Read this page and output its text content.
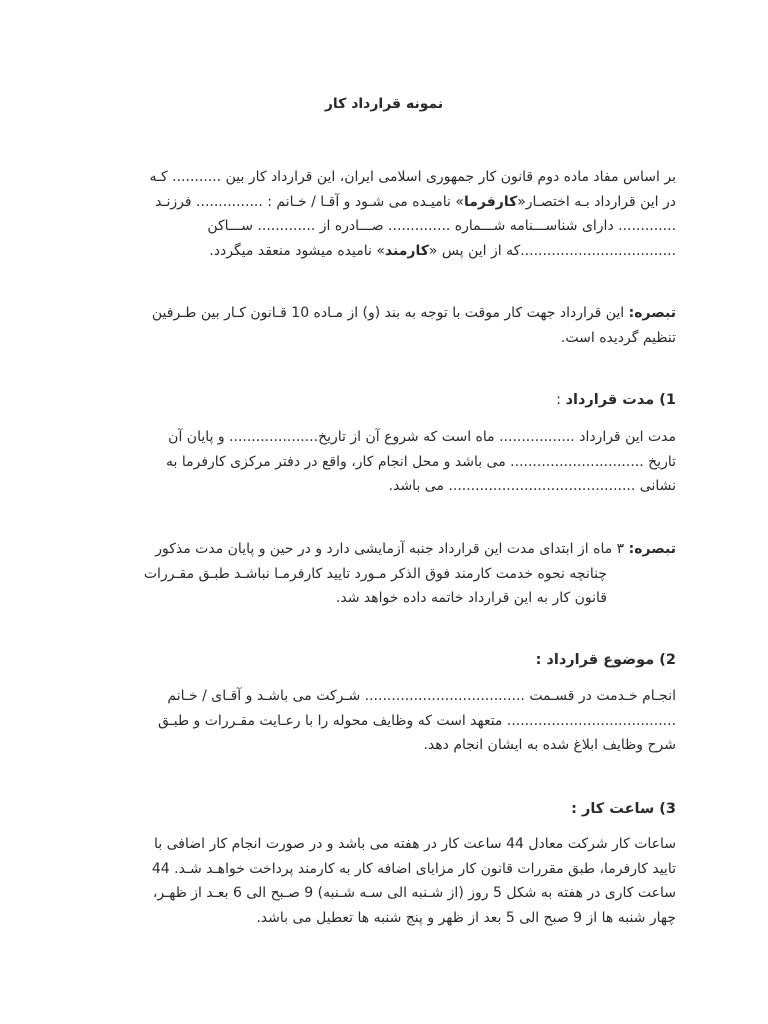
نمونه قرارداد کار
بر اساس مفاد ماده دوم قانون کار جمهوری اسلامی ایران، این قرارداد کار بین ........... کـه
در این قرارداد بـه اختصـار«کارفرما» نامیـده می شـود و آقـا / خـانم : ............... فرزنـد
............. دارای شناســـنامه شـــماره .............. صـــادره از ............. ســـاکن
...................................که از این پس «کارمند» نامیده میشود منعقد میگردد.
تبصره: این قرارداد جهت کار موقت با توجه به بند (و) از مـاده 10 قـانون کـار بین طـرفین
تنظیم گردیده است.
1) مدت قرارداد :
مدت این قرارداد ................. ماه است که شروع آن از تاریخ.................... و پایان آن
تاریخ .............................. می باشد و محل انجام کار، واقع در دفتر مرکزی کارفرما به
نشانی .......................................... می باشد.
تبصره: ٣ ماه از ابتدای مدت این قرارداد جنبه آزمایشی دارد و در حین و پایان مدت مذکور
چنانچه نحوه خدمت کارمند فوق الذکر مـورد تایید کارفرمـا نباشـد طبـق مقـررات
قانون کار به این قرارداد خاتمه داده خواهد شد.
2) موضوع قرارداد :
انجـام خـدمت در قسـمت .................................... شـرکت می باشـد و آقـای / خـانم
...................................... متعهد است که وظایف محوله را با رعـایت مقـررات و طبـق
شرح وظایف ابلاغ شده به ایشان انجام دهد.
3) ساعت کار :
ساعات کار شرکت معادل 44 ساعت کار در هفته می باشد و در صورت انجام کار اضافی با
تایید کارفرما، طبق مقررات قانون کار مزایای اضافه کار به کارمند پرداخت خواهـد شـد. 44
ساعت کاری در هفته به شکل 5 روز (از شـنبه الی سـه شـنبه) 9 صـبح الی 6 بعـد از ظهـر،
چهار شنبه ها از 9 صبح الی 5 بعد از ظهر و پنج شنبه ها تعطیل می باشد.
